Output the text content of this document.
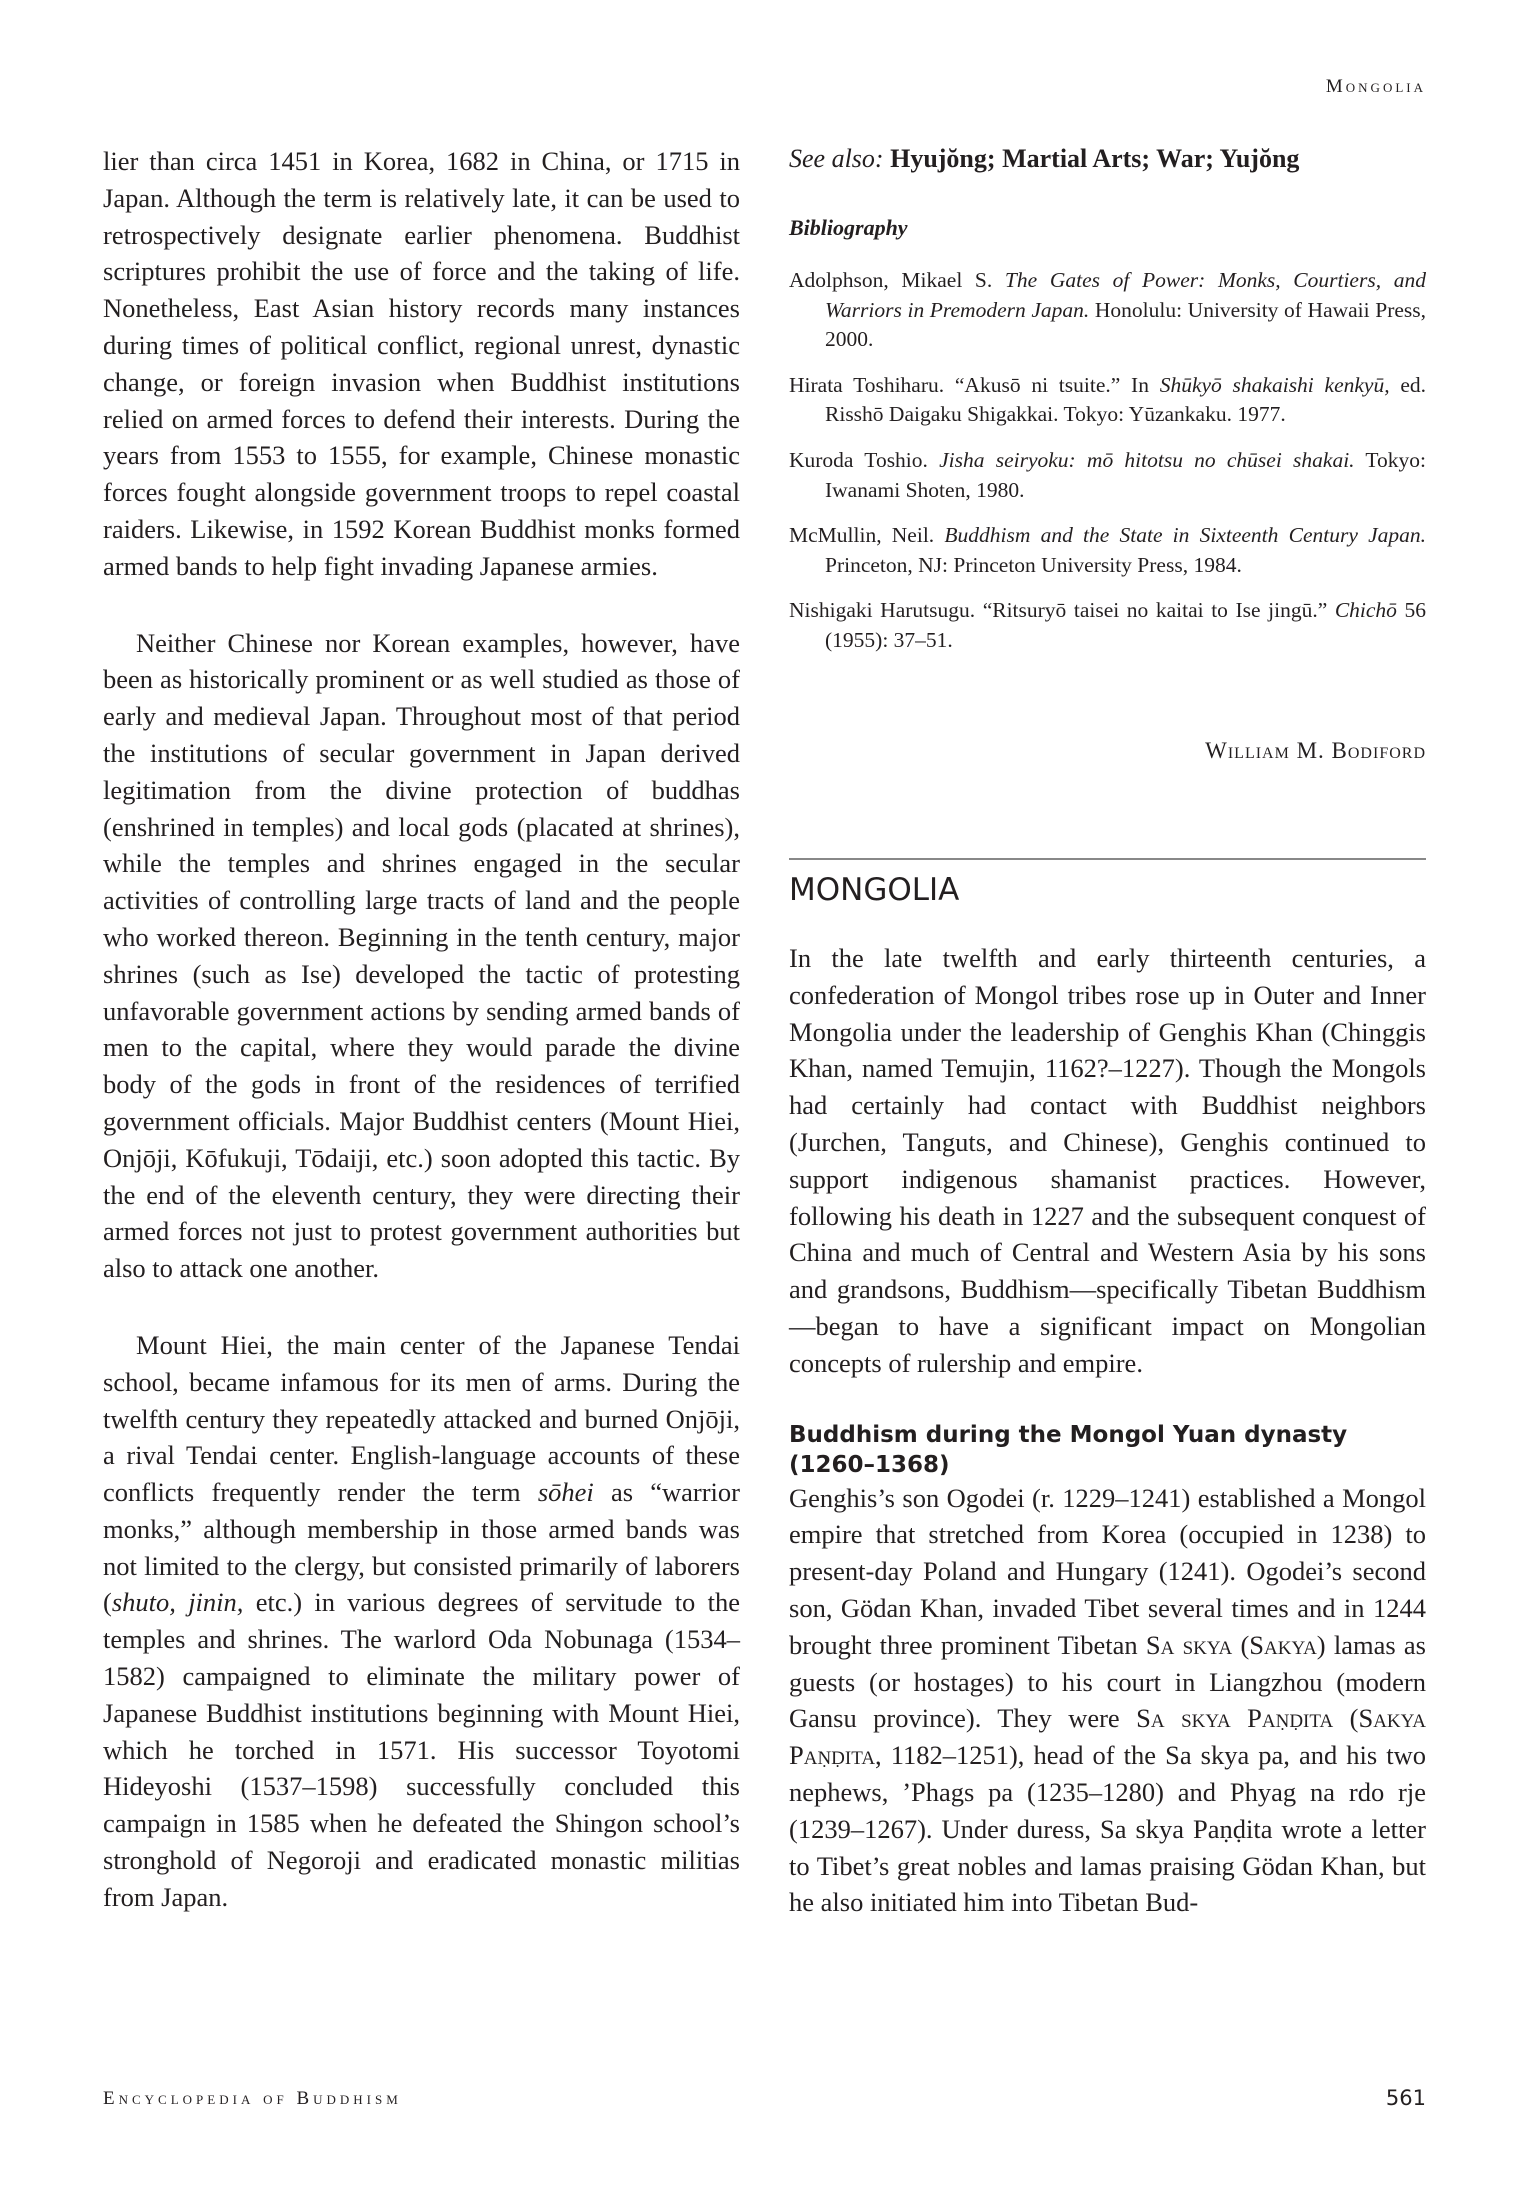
Mongolia

lier than circa 1451 in Korea, 1682 in China, or 1715 in Japan. Although the term is relatively late, it can be used to retrospectively designate earlier phenomena. Buddhist scriptures prohibit the use of force and the taking of life. Nonetheless, East Asian history records many instances during times of political conflict, regional unrest, dynastic change, or foreign invasion when Buddhist institutions relied on armed forces to defend their interests. During the years from 1553 to 1555, for example, Chinese monastic forces fought alongside government troops to repel coastal raiders. Likewise, in 1592 Korean Buddhist monks formed armed bands to help fight invading Japanese armies.

Neither Chinese nor Korean examples, however, have been as historically prominent or as well studied as those of early and medieval Japan. Throughout most of that period the institutions of secular government in Japan derived legitimation from the divine protection of buddhas (enshrined in temples) and local gods (placated at shrines), while the temples and shrines engaged in the secular activities of controlling large tracts of land and the people who worked thereon. Beginning in the tenth century, major shrines (such as Ise) developed the tactic of protesting unfavorable government actions by sending armed bands of men to the capital, where they would parade the divine body of the gods in front of the residences of terrified government officials. Major Buddhist centers (Mount Hiei, Onjōji, Kōfukuji, Tōdaiji, etc.) soon adopted this tactic. By the end of the eleventh century, they were directing their armed forces not just to protest government authorities but also to attack one another.

Mount Hiei, the main center of the Japanese Tendai school, became infamous for its men of arms. During the twelfth century they repeatedly attacked and burned Onjōji, a rival Tendai center. English-language accounts of these conflicts frequently render the term sōhei as “warrior monks,” although membership in those armed bands was not limited to the clergy, but consisted primarily of laborers (shuto, jinin, etc.) in various degrees of servitude to the temples and shrines. The warlord Oda Nobunaga (1534–1582) campaigned to eliminate the military power of Japanese Buddhist institutions beginning with Mount Hiei, which he torched in 1571. His successor Toyotomi Hideyoshi (1537–1598) successfully concluded this campaign in 1585 when he defeated the Shingon school’s stronghold of Negoroji and eradicated monastic militias from Japan.

See also: Hyujŏng; Martial Arts; War; Yujŏng
Bibliography

Adolphson, Mikael S. The Gates of Power: Monks, Courtiers, and Warriors in Premodern Japan. Honolulu: University of Hawaii Press, 2000.

Hirata Toshiharu. “Akusō ni tsuite.” In Shūkyō shakaishi kenkyū, ed. Risshō Daigaku Shigakkai. Tokyo: Yūzankaku. 1977.

Kuroda Toshio. Jisha seiryoku: mō hitotsu no chūsei shakai. Tokyo: Iwanami Shoten, 1980.

McMullin, Neil. Buddhism and the State in Sixteenth Century Japan. Princeton, NJ: Princeton University Press, 1984.

Nishigaki Harutsugu. “Ritsuryō taisei no kaitai to Ise jingū.” Chichō 56 (1955): 37–51.

William M. Bodiford
MONGOLIA

In the late twelfth and early thirteenth centuries, a confederation of Mongol tribes rose up in Outer and Inner Mongolia under the leadership of Genghis Khan (Chinggis Khan, named Temujin, 1162?–1227). Though the Mongols had certainly had contact with Buddhist neighbors (Jurchen, Tanguts, and Chinese), Genghis continued to support indigenous shamanist practices. However, following his death in 1227 and the subsequent conquest of China and much of Central and Western Asia by his sons and grandsons, Buddhism—specifically Tibetan Buddhism—began to have a significant impact on Mongolian concepts of rulership and empire.

Buddhism during the Mongol Yuan dynasty (1260–1368)

Genghis’s son Ogodei (r. 1229–1241) established a Mongol empire that stretched from Korea (occupied in 1238) to present-day Poland and Hungary (1241). Ogodei’s second son, Gödan Khan, invaded Tibet several times and in 1244 brought three prominent Tibetan Sa skya (Sakya) lamas as guests (or hostages) to his court in Liangzhou (modern Gansu province). They were Sa skya Paṇḍita (Sakya Paṇḍita, 1182–1251), head of the Sa skya pa, and his two nephews, ’Phags pa (1235–1280) and Phyag na rdo rje (1239–1267). Under duress, Sa skya Paṇḍita wrote a letter to Tibet’s great nobles and lamas praising Gödan Khan, but he also initiated him into Tibetan Bud-

Encyclopedia of Buddhism	561
